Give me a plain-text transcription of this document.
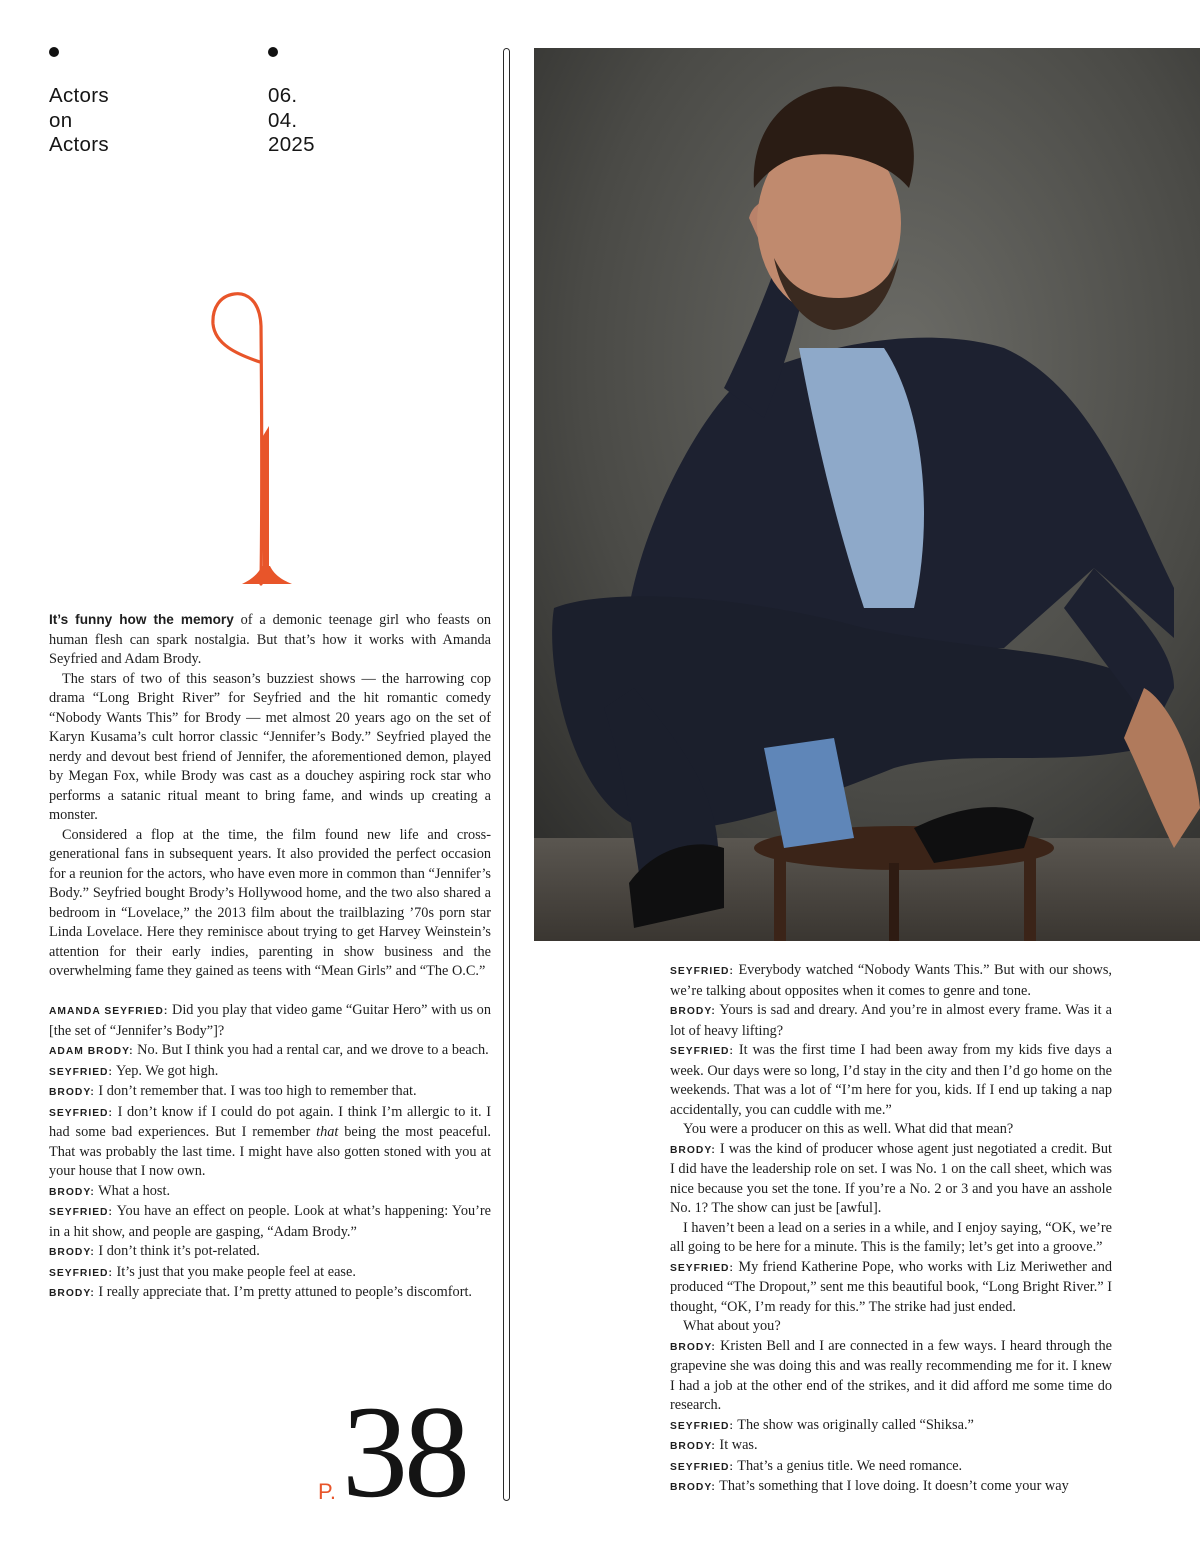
Actors
on
Actors
06.
04.
2025

It’s funny how the memory of a demonic teenage girl who feasts on human flesh can spark nostalgia. But that’s how it works with Amanda Seyfried and Adam Brody.

The stars of two of this season’s buzziest shows — the harrowing cop drama “Long Bright River” for Seyfried and the hit romantic comedy “Nobody Wants This” for Brody — met almost 20 years ago on the set of Karyn Kusama’s cult horror classic “Jennifer’s Body.” Seyfried played the nerdy and devout best friend of Jennifer, the aforementioned demon, played by Megan Fox, while Brody was cast as a douchey aspiring rock star who performs a satanic ritual meant to bring fame, and winds up creating a monster.

Considered a flop at the time, the film found new life and cross-generational fans in subsequent years. It also provided the perfect occasion for a reunion for the actors, who have even more in common than “Jennifer’s Body.” Seyfried bought Brody’s Hollywood home, and the two also shared a bedroom in “Lovelace,” the 2013 film about the trailblazing ’70s porn star Linda Lovelace. Here they reminisce about trying to get Harvey Weinstein’s attention for their early indies, parenting in show business and the overwhelming fame they gained as teens with “Mean Girls” and “The O.C.”

AMANDA SEYFRIED: Did you play that video game “Guitar Hero” with us on [the set of “Jennifer’s Body”]?

ADAM BRODY: No. But I think you had a rental car, and we drove to a beach.

SEYFRIED: Yep. We got high.

BRODY: I don’t remember that. I was too high to remember that.

SEYFRIED: I don’t know if I could do pot again. I think I’m allergic to it. I had some bad experiences. But I remember that being the most peaceful. That was probably the last time. I might have also gotten stoned with you at your house that I now own.

BRODY: What a host.

SEYFRIED: You have an effect on people. Look at what’s happening: You’re in a hit show, and people are gasping, “Adam Brody.”

BRODY: I don’t think it’s pot-related.

SEYFRIED: It’s just that you make people feel at ease.

BRODY: I really appreciate that. I’m pretty attuned to people’s discomfort.

SEYFRIED: Everybody watched “Nobody Wants This.” But with our shows, we’re talking about opposites when it comes to genre and tone.

BRODY: Yours is sad and dreary. And you’re in almost every frame. Was it a lot of heavy lifting?

SEYFRIED: It was the first time I had been away from my kids five days a week. Our days were so long, I’d stay in the city and then I’d go home on the weekends. That was a lot of “I’m here for you, kids. If I end up taking a nap accidentally, you can cuddle with me.”

You were a producer on this as well. What did that mean?

BRODY: I was the kind of producer whose agent just negotiated a credit. But I did have the leadership role on set. I was No. 1 on the call sheet, which was nice because you set the tone. If you’re a No. 2 or 3 and you have an asshole No. 1? The show can just be [awful].

I haven’t been a lead on a series in a while, and I enjoy saying, “OK, we’re all going to be here for a minute. This is the family; let’s get into a groove.”

SEYFRIED: My friend Katherine Pope, who works with Liz Meriwether and produced “The Dropout,” sent me this beautiful book, “Long Bright River.” I thought, “OK, I’m ready for this.” The strike had just ended.

What about you?

BRODY: Kristen Bell and I are connected in a few ways. I heard through the grapevine she was doing this and was really recommending me for it. I knew I had a job at the other end of the strikes, and it did afford me some time do research.

SEYFRIED: The show was originally called “Shiksa.”

BRODY: It was.

SEYFRIED: That’s a genius title. We need romance.

BRODY: That’s something that I love doing. It doesn’t come your way

P. 38
